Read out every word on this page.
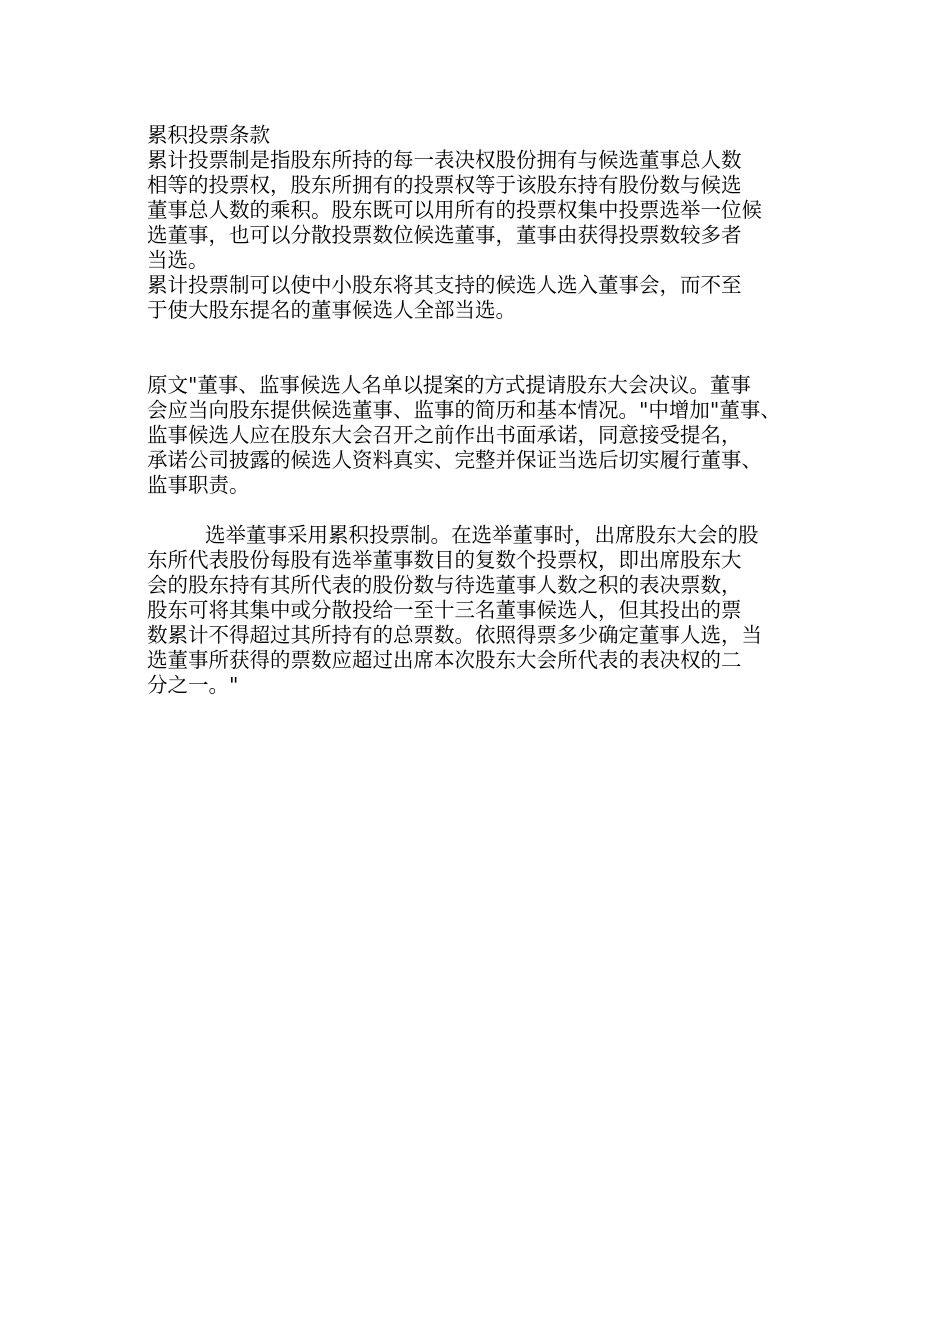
累积投票条款
累计投票制是指股东所持的每一表决权股份拥有与候选董事总人数
相等的投票权，股东所拥有的投票权等于该股东持有股份数与候选
董事总人数的乘积。股东既可以用所有的投票权集中投票选举一位候
选董事，也可以分散投票数位候选董事，董事由获得投票数较多者
当选。
累计投票制可以使中小股东将其支持的候选人选入董事会，而不至
于使大股东提名的董事候选人全部当选。
原文"董事、监事候选人名单以提案的方式提请股东大会决议。董事
会应当向股东提供候选董事、监事的简历和基本情况。"中增加"董事、
监事候选人应在股东大会召开之前作出书面承诺，同意接受提名，
承诺公司披露的候选人资料真实、完整并保证当选后切实履行董事、
监事职责。
选举董事采用累积投票制。在选举董事时，出席股东大会的股
东所代表股份每股有选举董事数目的复数个投票权，即出席股东大
会的股东持有其所代表的股份数与待选董事人数之积的表决票数，
股东可将其集中或分散投给一至十三名董事候选人，但其投出的票
数累计不得超过其所持有的总票数。依照得票多少确定董事人选，当
选董事所获得的票数应超过出席本次股东大会所代表的表决权的二
分之一。"
